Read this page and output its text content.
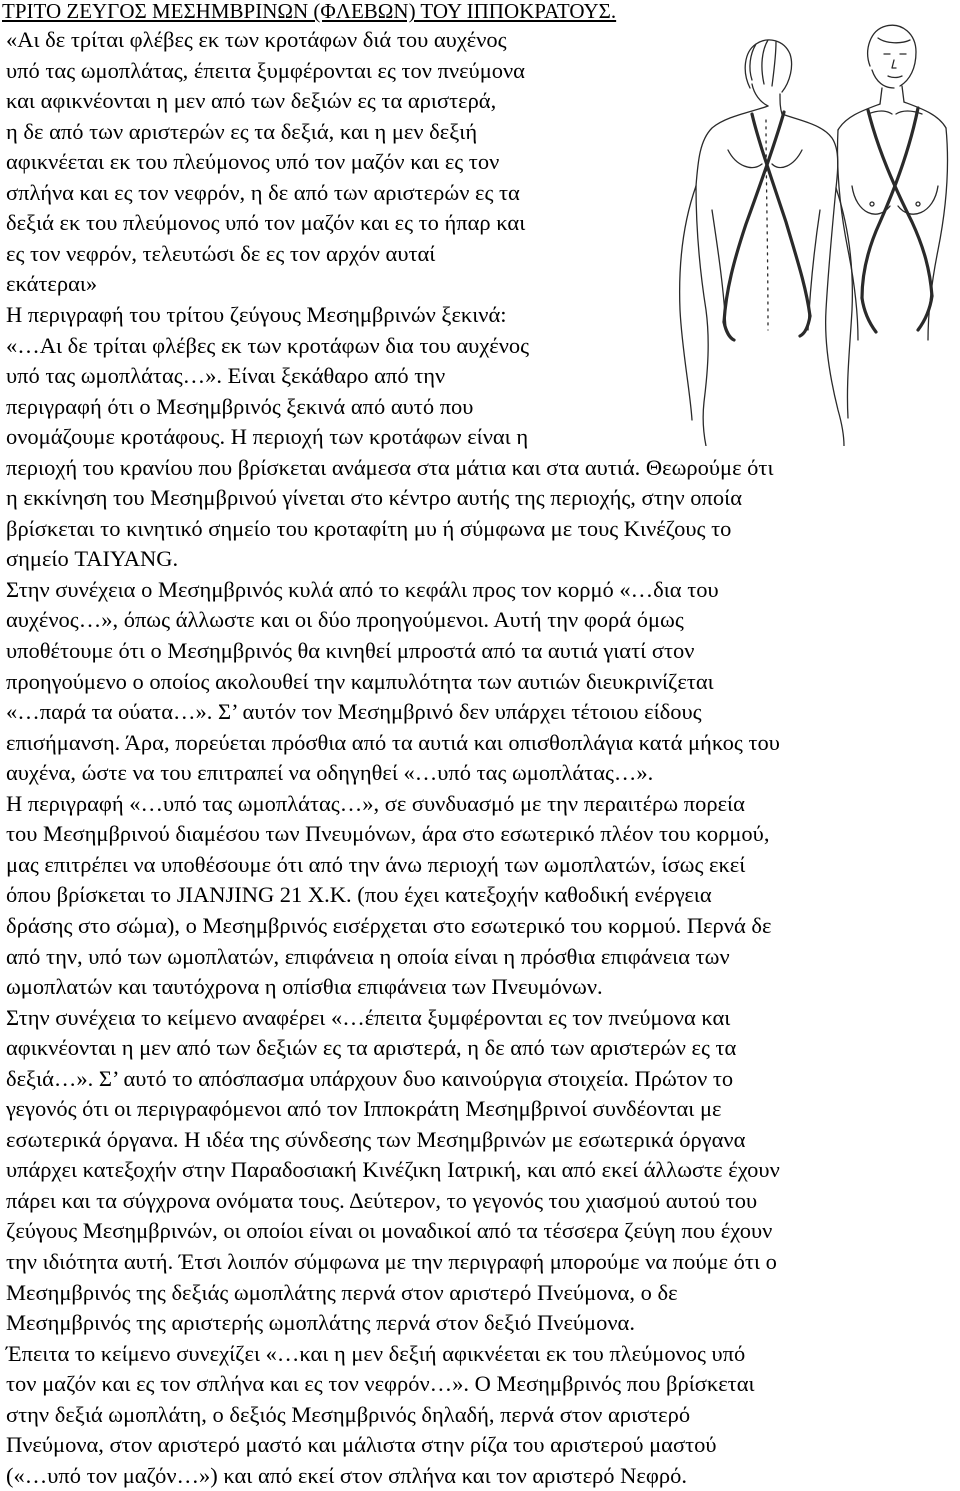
ΤΡΙΤΟ ΖΕΥΓΟΣ ΜΕΣΗΜΒΡΙΝΩΝ (ΦΛΕΒΩΝ) ΤΟΥ ΙΠΠΟΚΡΑΤΟΥΣ.
«Αι δε τρίται φλέβες εκ των κροτάφων διά του αυχένος
υπό τας ωμοπλάτας, έπειτα ξυμφέρονται ες τον πνεύμονα
και αφικνέονται η μεν από των δεξιών ες τα αριστερά,
η δε από των αριστερών ες τα δεξιά, και η μεν δεξιή
αφικνέεται εκ του πλεύμονος υπό τον μαζόν και ες τον
σπλήνα και ες τον νεφρόν, η δε από των αριστερών ες τα
δεξιά εκ του πλεύμονος υπό τον μαζόν και ες το ήπαρ και
ες τον νεφρόν, τελευτώσι δε ες τον αρχόν αυταί
εκάτεραι»
Η περιγραφή του τρίτου ζεύγους Μεσημβρινών ξεκινά:
«…Αι δε τρίται φλέβες εκ των κροτάφων δια του αυχένος
υπό τας ωμοπλάτας…». Είναι ξεκάθαρο από την
περιγραφή ότι ο Μεσημβρινός ξεκινά από αυτό που
ονομάζουμε κροτάφους. Η περιοχή των κροτάφων είναι η
περιοχή του κρανίου που βρίσκεται ανάμεσα στα μάτια και στα αυτιά. Θεωρούμε ότι
η εκκίνηση του Μεσημβρινού γίνεται στο κέντρο αυτής της περιοχής, στην οποία
βρίσκεται το κινητικό σημείο του κροταφίτη μυ ή σύμφωνα με τους Κινέζους το
σημείο TAIYANG.
Στην συνέχεια ο Μεσημβρινός κυλά από το κεφάλι προς τον κορμό «…δια του
αυχένος…», όπως άλλωστε και οι δύο προηγούμενοι. Αυτή την φορά όμως
υποθέτουμε ότι ο Μεσημβρινός θα κινηθεί μπροστά από τα αυτιά γιατί στον
προηγούμενο ο οποίος ακολουθεί την καμπυλότητα των αυτιών διευκρινίζεται
«…παρά τα ούατα…». Σ’ αυτόν τον Μεσημβρινό δεν υπάρχει τέτοιου είδους
επισήμανση. Άρα, πορεύεται πρόσθια από τα αυτιά και οπισθοπλάγια κατά μήκος του
αυχένα, ώστε να του επιτραπεί να οδηγηθεί «…υπό τας ωμοπλάτας…».
Η περιγραφή «…υπό τας ωμοπλάτας…», σε συνδυασμό με την περαιτέρω πορεία
του Μεσημβρινού διαμέσου των Πνευμόνων, άρα στο εσωτερικό πλέον του κορμού,
μας επιτρέπει να υποθέσουμε ότι από την άνω περιοχή των ωμοπλατών, ίσως εκεί
όπου βρίσκεται το JIANJING 21 X.K. (που έχει κατεξοχήν καθοδική ενέργεια
δράσης στο σώμα), ο Μεσημβρινός εισέρχεται στο εσωτερικό του κορμού. Περνά δε
από την, υπό των ωμοπλατών, επιφάνεια η οποία είναι η πρόσθια επιφάνεια των
ωμοπλατών και ταυτόχρονα η οπίσθια επιφάνεια των Πνευμόνων.
Στην συνέχεια το κείμενο αναφέρει «…έπειτα ξυμφέρονται ες τον πνεύμονα και
αφικνέονται η μεν από των δεξιών ες τα αριστερά, η δε από των αριστερών ες τα
δεξιά…». Σ’ αυτό το απόσπασμα υπάρχουν δυο καινούργια στοιχεία. Πρώτον το
γεγονός ότι οι περιγραφόμενοι από τον Ιπποκράτη Μεσημβρινοί συνδέονται με
εσωτερικά όργανα. Η ιδέα της σύνδεσης των Μεσημβρινών με εσωτερικά όργανα
υπάρχει κατεξοχήν στην Παραδοσιακή Κινέζικη Ιατρική, και από εκεί άλλωστε έχουν
πάρει και τα σύγχρονα ονόματα τους. Δεύτερον, το γεγονός του χιασμού αυτού του
ζεύγους Μεσημβρινών, οι οποίοι είναι οι μοναδικοί από τα τέσσερα ζεύγη που έχουν
την ιδιότητα αυτή. Έτσι λοιπόν σύμφωνα με την περιγραφή μπορούμε να πούμε ότι ο
Μεσημβρινός της δεξιάς ωμοπλάτης περνά στον αριστερό Πνεύμονα, ο δε
Μεσημβρινός της αριστερής ωμοπλάτης περνά στον δεξιό Πνεύμονα.
Έπειτα το κείμενο συνεχίζει «…και η μεν δεξιή αφικνέεται εκ του πλεύμονος υπό
τον μαζόν και ες τον σπλήνα και ες τον νεφρόν…». Ο Μεσημβρινός που βρίσκεται
στην δεξιά ωμοπλάτη, ο δεξιός Μεσημβρινός δηλαδή, περνά στον αριστερό
Πνεύμονα, στον αριστερό μαστό και μάλιστα στην ρίζα του αριστερού μαστού
(«…υπό τον μαζόν…») και από εκεί στον σπλήνα και τον αριστερό Νεφρό.
